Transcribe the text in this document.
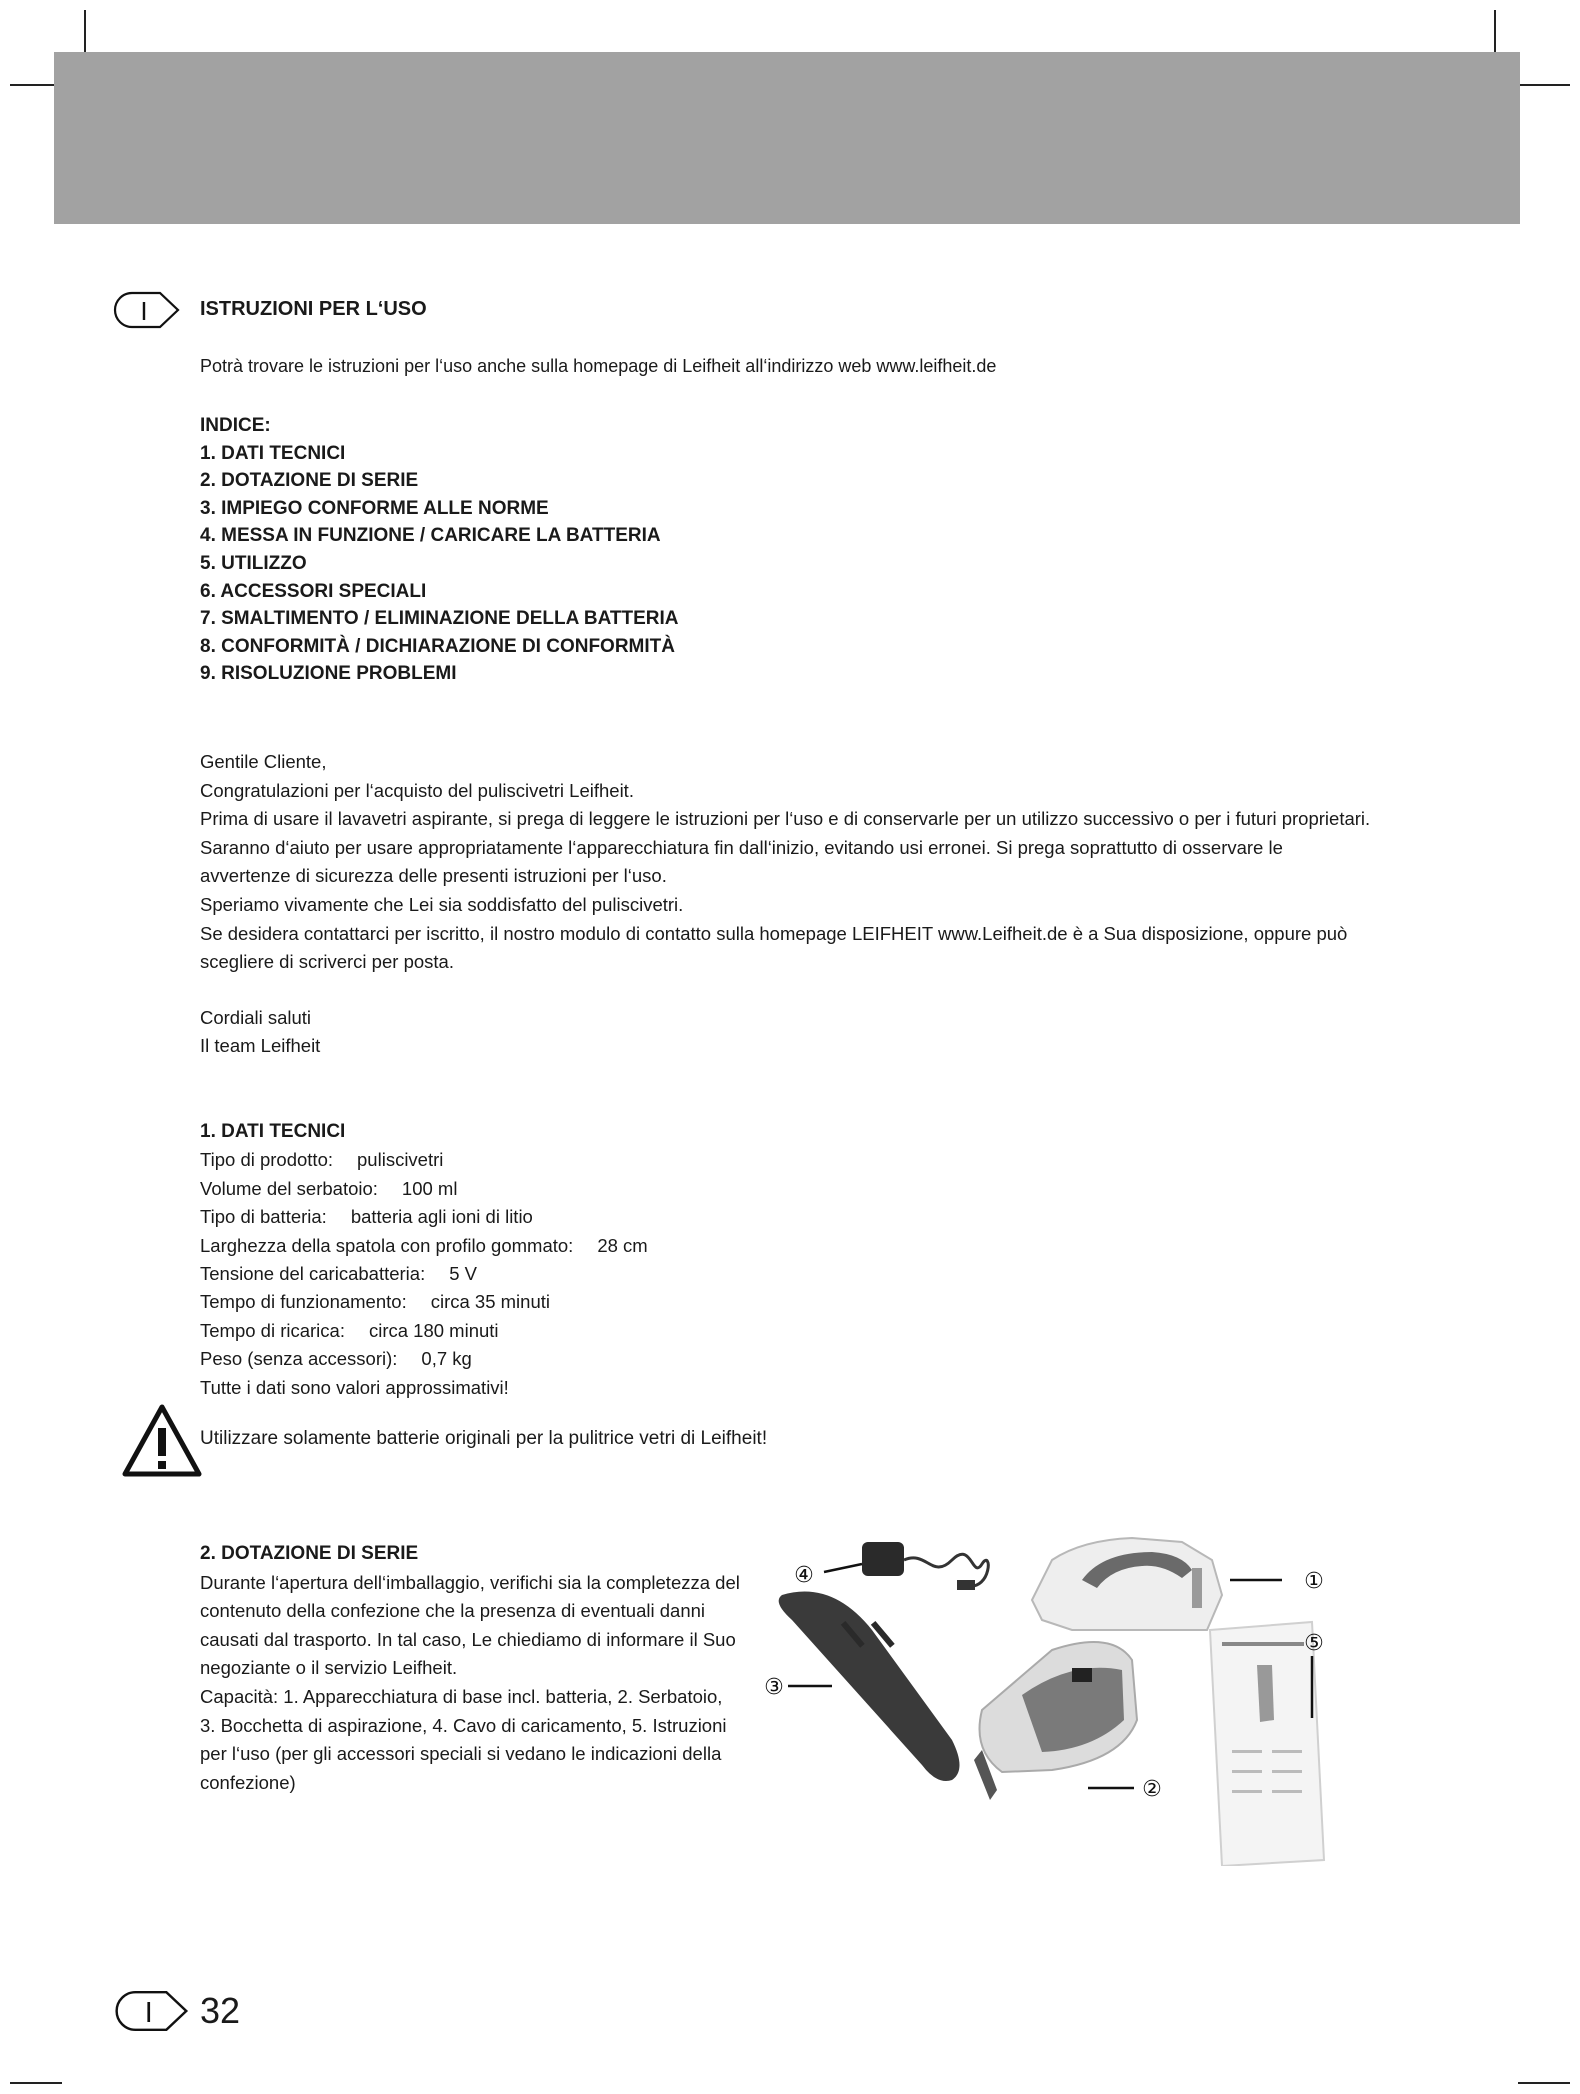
I	ISTRUZIONI PER L‘USO
Potrà trovare le istruzioni per l‘uso anche sulla homepage di Leifheit all‘indirizzo web www.leifheit.de
INDICE:
1. DATI TECNICI
2. DOTAZIONE DI SERIE
3. IMPIEGO CONFORME ALLE NORME
4. MESSA IN FUNZIONE / CARICARE LA BATTERIA
5. UTILIZZO
6. ACCESSORI SPECIALI
7. SMALTIMENTO / ELIMINAZIONE DELLA BATTERIA
8. CONFORMITÀ / DICHIARAZIONE DI CONFORMITÀ
9. RISOLUZIONE PROBLEMI

Gentile Cliente,

Congratulazioni per l‘acquisto del puliscivetri Leifheit.

Prima di usare il lavavetri aspirante, si prega di leggere le istruzioni per l‘uso e di conservarle per un utilizzo successivo o per i futuri proprietari. Saranno d‘aiuto per usare appropriatamente l‘apparecchiatura fin dall‘inizio, evitando usi erronei. Si prega soprattutto di osservare le avvertenze di sicurezza delle presenti istruzioni per l‘uso.

Speriamo vivamente che Lei sia soddisfatto del puliscivetri.

Se desidera contattarci per iscritto, il nostro modulo di contatto sulla homepage LEIFHEIT www.Leifheit.de è a Sua disposizione, oppure può scegliere di scriverci per posta.

Cordiali saluti
Il team Leifheit
1. DATI TECNICI
Tipo di prodotto: puliscivetri
Volume del serbatoio: 100 ml
Tipo di batteria: batteria agli ioni di litio
Larghezza della spatola con profilo gommato: 28 cm
Tensione del caricabatteria: 5 V
Tempo di funzionamento: circa 35 minuti
Tempo di ricarica: circa 180 minuti
Peso (senza accessori): 0,7 kg
Tutte i dati sono valori approssimativi!
Utilizzare solamente batterie originali per la pulitrice vetri di Leifheit!
2. DOTAZIONE DI SERIE

Durante l‘apertura dell‘imballaggio, verifichi sia la completezza del contenuto della confezione che la presenza di eventuali danni causati dal trasporto. In tal caso, Le chiediamo di informare il Suo negoziante o il servizio Leifheit.

Capacità: 1. Apparecchiatura di base incl. batteria, 2. Serbatoio, 3. Bocchetta di aspirazione, 4. Cavo di caricamento, 5. Istruzioni per l‘uso (per gli accessori speciali si vedano le indicazioni della confezione)

④	①
③
⑤
②
I 32
